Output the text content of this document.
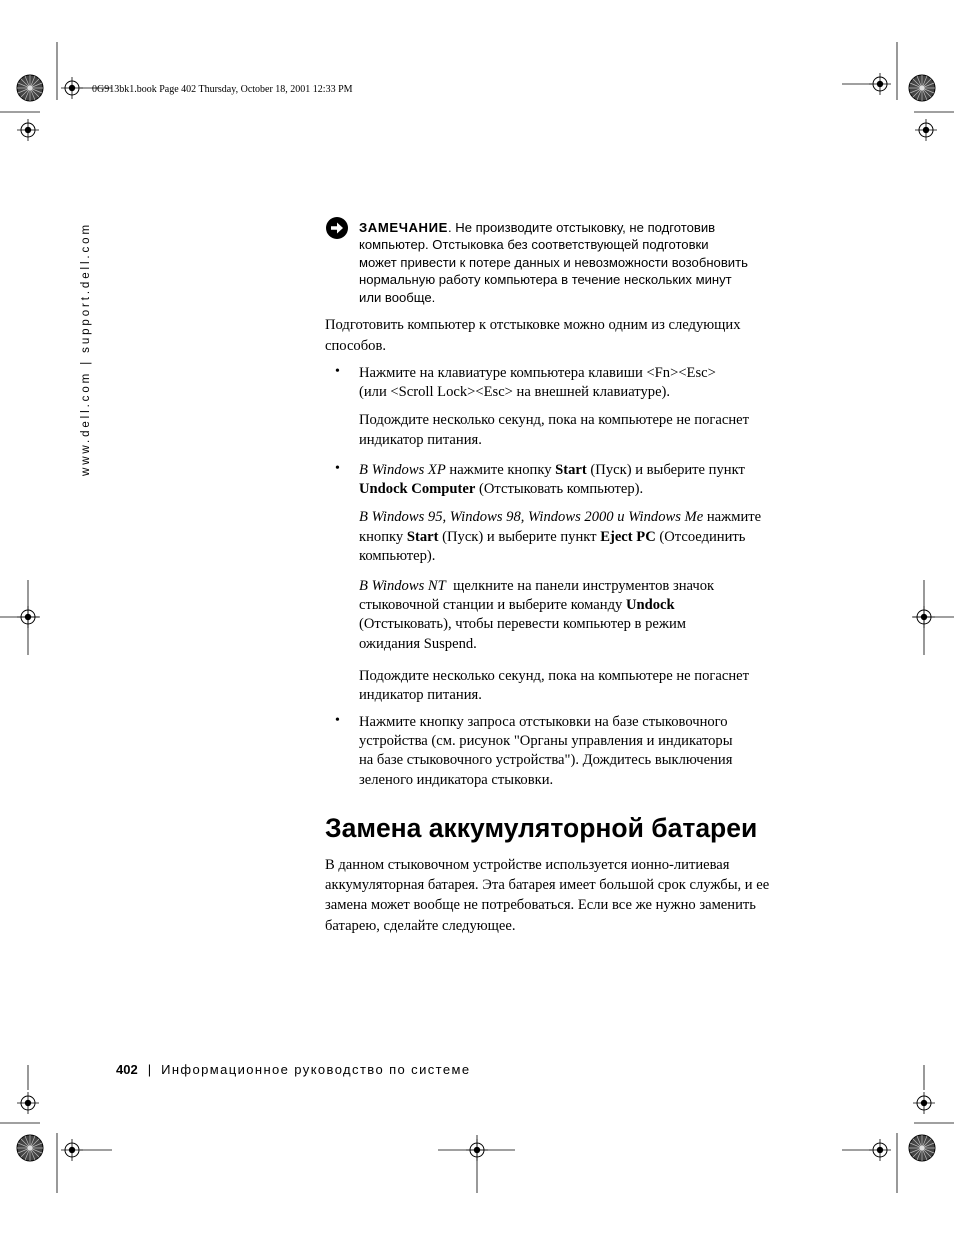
0G913bk1.book Page 402 Thursday, October 18, 2001 12:33 PM
www.dell.com | support.dell.com	ЗАМЕЧАНИЕ. Не производите отстыковку, не подготовив
компьютер. Отстыковка без соответствующей подготовки
может привести к потере данных и невозможности возобновить
нормальную работу компьютера в течение нескольких минут
или вообще.

Подготовить компьютер к отстыковке можно одним из следующих
способов.

• Нажмите на клавиатуре компьютера клавиши <Fn><Esc>
(или <Scroll Lock><Esc> на внешней клавиатуре).

Подождите несколько секунд, пока на компьютере не погаснет
индикатор питания.

• В Windows XP нажмите кнопку Start (Пуск) и выберите пункт
Undock Computer (Отстыковать компьютер).

В Windows 95, Windows 98, Windows 2000 и Windows Me нажмите
кнопку Start (Пуск) и выберите пункт Eject PC (Отсоединить
компьютер).

В Windows NT  щелкните на панели инструментов значок
стыковочной станции и выберите команду Undock
(Отстыковать), чтобы перевести компьютер в режим
ожидания Suspend.

Подождите несколько секунд, пока на компьютере не погаснет
индикатор питания.

• Нажмите кнопку запроса отстыковки на базе стыковочного
устройства (см. рисунок "Органы управления и индикаторы
на базе стыковочного устройства"). Дождитесь выключения
зеленого индикатора стыковки.

Замена аккумуляторной батареи

В данном стыковочном устройстве используется ионно-литиевая
аккумуляторная батарея. Эта батарея имеет большой срок службы, и ее
замена может вообще не потребоваться. Если все же нужно заменить
батарею, сделайте следующее.

402 | Информационное руководство по системе
